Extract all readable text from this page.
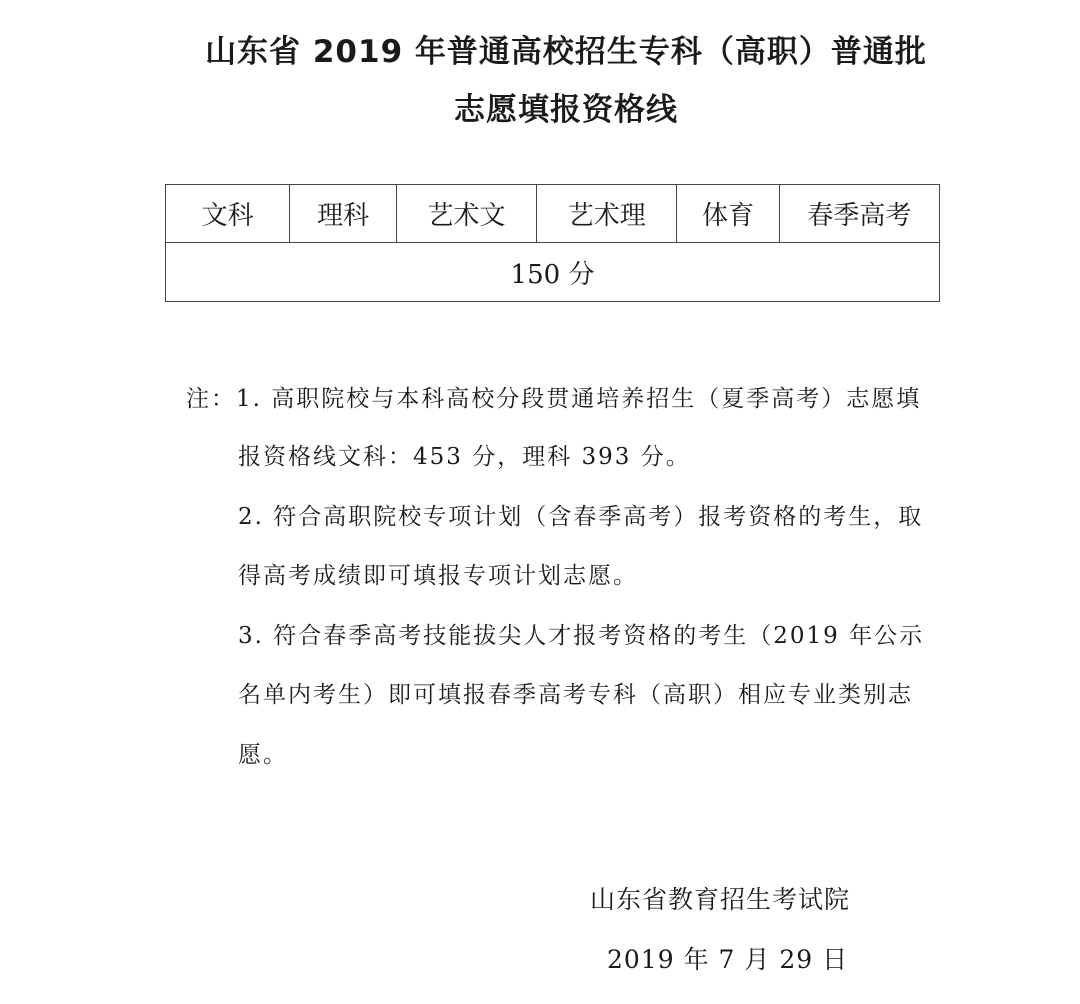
山东省 2019 年普通高校招生专科（高职）普通批
志愿填报资格线
文科	理科	艺术文	艺术理	体育	春季高考
150 分
注： 1. 高职院校与本科高校分段贯通培养招生（夏季高考）志愿填
报资格线文科：453 分，理科 393 分。
2. 符合高职院校专项计划（含春季高考）报考资格的考生，取
得高考成绩即可填报专项计划志愿。
3. 符合春季高考技能拔尖人才报考资格的考生（2019 年公示
名单内考生）即可填报春季高考专科（高职）相应专业类别志
愿。
山东省教育招生考试院
2019 年 7 月 29 日
